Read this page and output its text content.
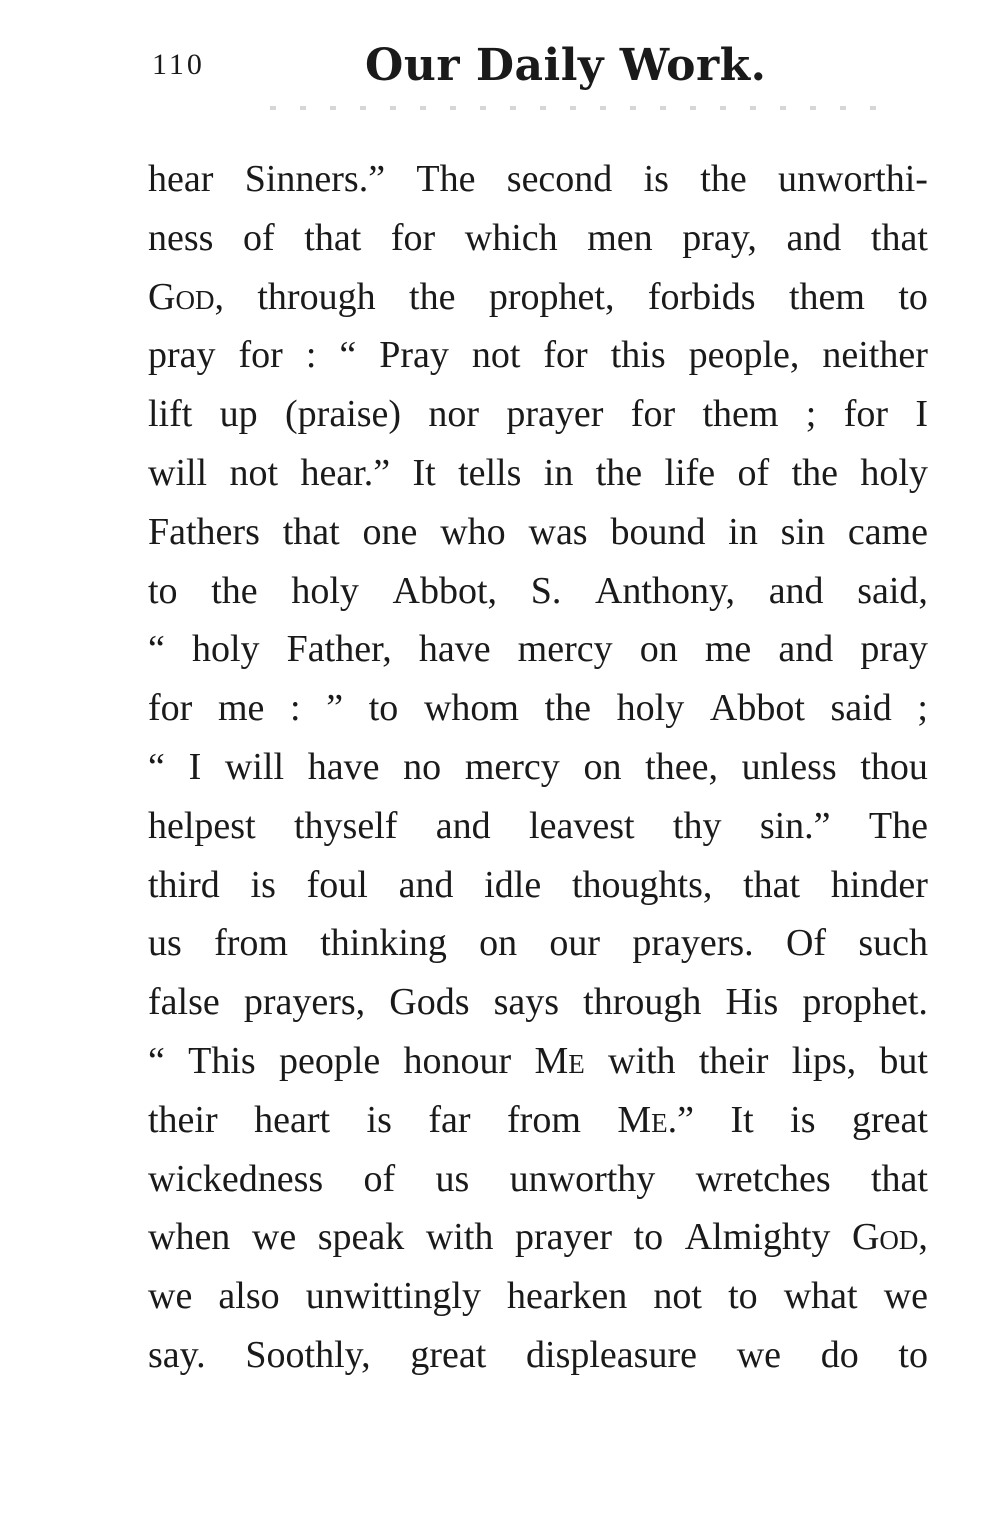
110	Our Daily Work.
hear Sinners.” The second is the unworthi-
ness of that for which men pray, and that
God, through the prophet, forbids them to
pray for : “ Pray not for this people, neither
lift up (praise) nor prayer for them ; for I
will not hear.” It tells in the life of the holy
Fathers that one who was bound in sin came
to the holy Abbot, S. Anthony, and said,
“ holy Father, have mercy on me and pray
for me : ” to whom the holy Abbot said ;
“ I will have no mercy on thee, unless thou
helpest thyself and leavest thy sin.” The
third is foul and idle thoughts, that hinder
us from thinking on our prayers. Of such
false prayers, Gods says through His prophet.
“ This people honour Me with their lips, but
their heart is far from Me.” It is great
wickedness of us unworthy wretches that
when we speak with prayer to Almighty God,
we also unwittingly hearken not to what we
say. Soothly, great displeasure we do to
